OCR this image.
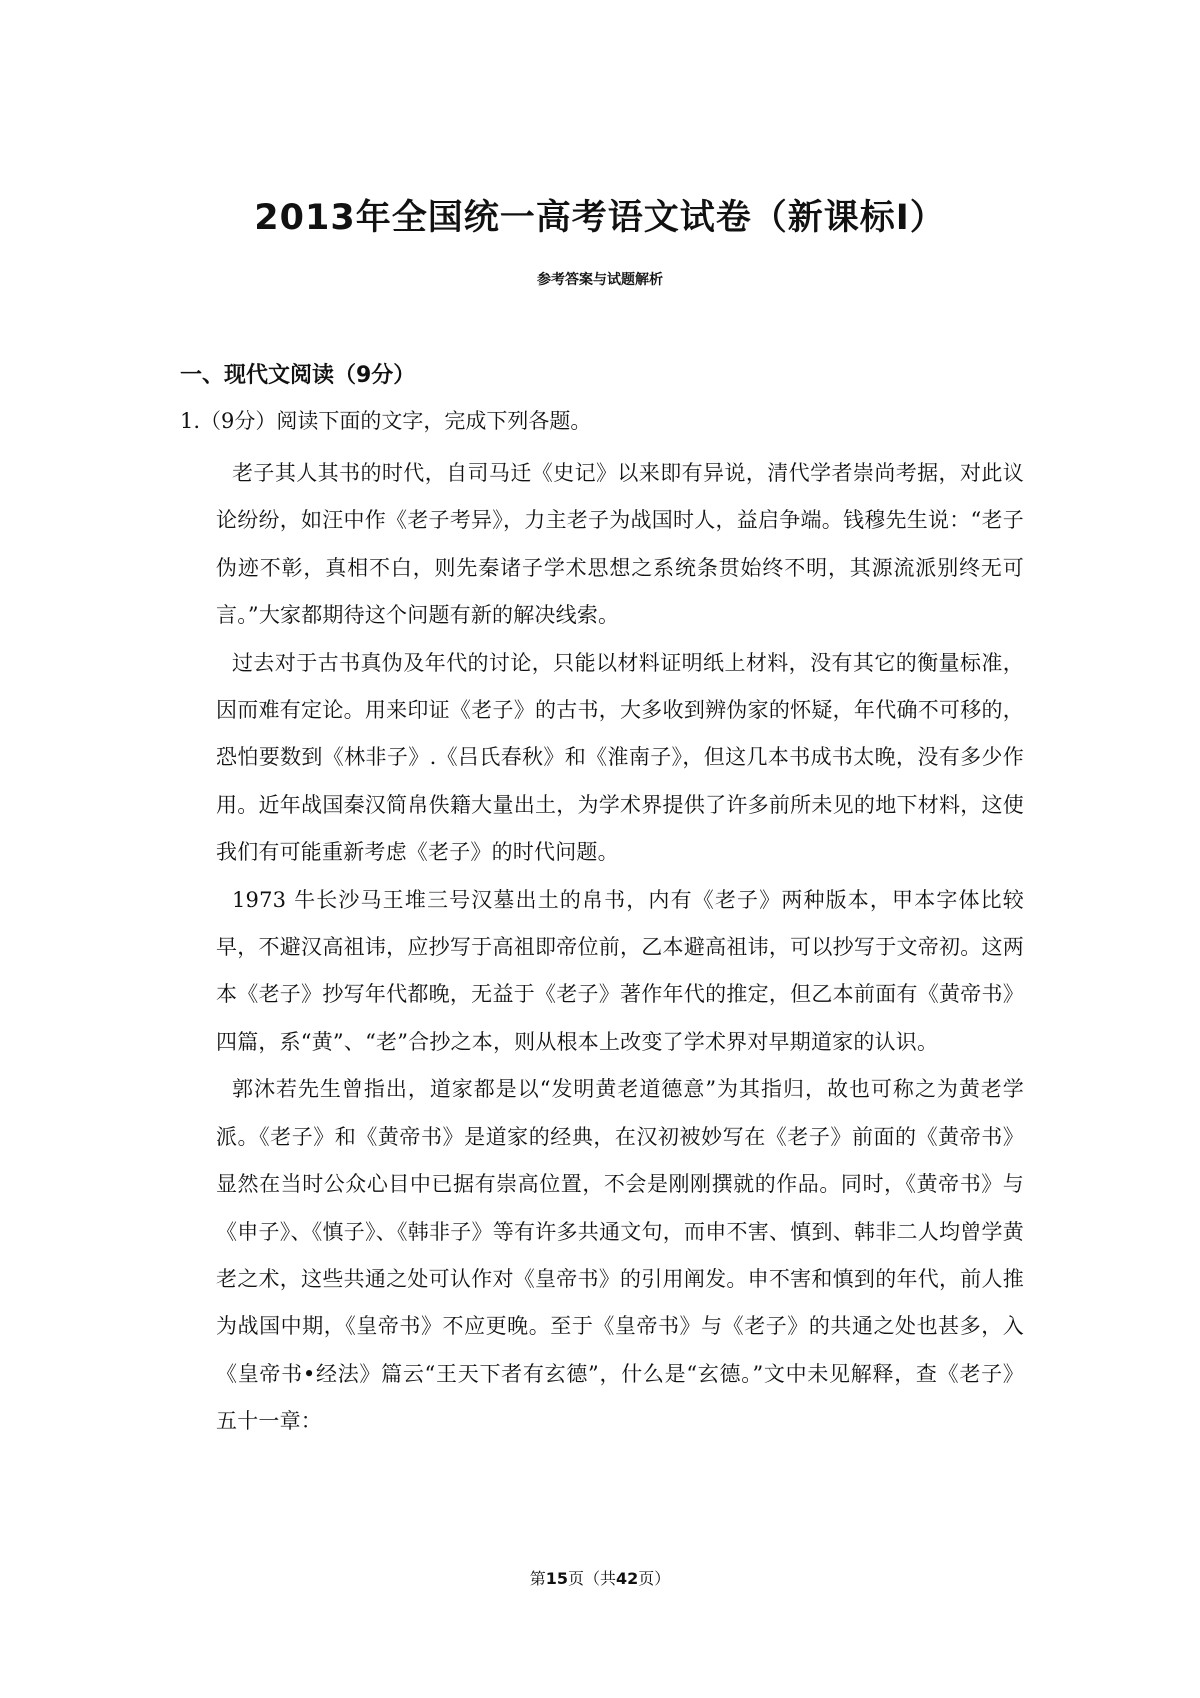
2013年全国统一高考语文试卷（新课标Ⅰ）

参考答案与试题解析

一、现代文阅读（9分）

1.（9分）阅读下面的文字，完成下列各题。

老子其人其书的时代，自司马迁《史记》以来即有异说，清代学者崇尚考据，对此议论纷纷，如汪中作《老子考异》，力主老子为战国时人，益启争端。钱穆先生说：“老子伪迹不彰，真相不白，则先秦诸子学术思想之系统条贯始终不明，其源流派别终无可言。”大家都期待这个问题有新的解决线索。

过去对于古书真伪及年代的讨论，只能以材料证明纸上材料，没有其它的衡量标准，因而难有定论。用来印证《老子》的古书，大多收到辨伪家的怀疑，年代确不可移的，恐怕要数到《林非子》.《吕氏春秋》和《淮南子》，但这几本书成书太晚，没有多少作用。近年战国秦汉简帛佚籍大量出土，为学术界提供了许多前所未见的地下材料，这使我们有可能重新考虑《老子》的时代问题。

1973 牛长沙马王堆三号汉墓出土的帛书，内有《老子》两种版本，甲本字体比较早，不避汉高祖讳，应抄写于高祖即帝位前，乙本避高祖讳，可以抄写于文帝初。这两本《老子》抄写年代都晚，无益于《老子》著作年代的推定，但乙本前面有《黄帝书》四篇，系“黄”、“老”合抄之本，则从根本上改变了学术界对早期道家的认识。

郭沐若先生曾指出，道家都是以“发明黄老道德意”为其指归，故也可称之为黄老学派。《老子》和《黄帝书》是道家的经典，在汉初被妙写在《老子》前面的《黄帝书》显然在当时公众心目中已据有崇高位置，不会是刚刚撰就的作品。同时，《黄帝书》与《申子》、《慎子》、《韩非子》等有许多共通文句，而申不害、慎到、韩非二人均曾学黄老之术，这些共通之处可认作对《皇帝书》的引用阐发。申不害和慎到的年代，前人推为战国中期，《皇帝书》不应更晚。至于《皇帝书》与《老子》的共通之处也甚多，入《皇帝书•经法》篇云“王天下者有玄德”，什么是“玄德。”文中未见解释，查《老子》五十一章：

第15页（共42页）
